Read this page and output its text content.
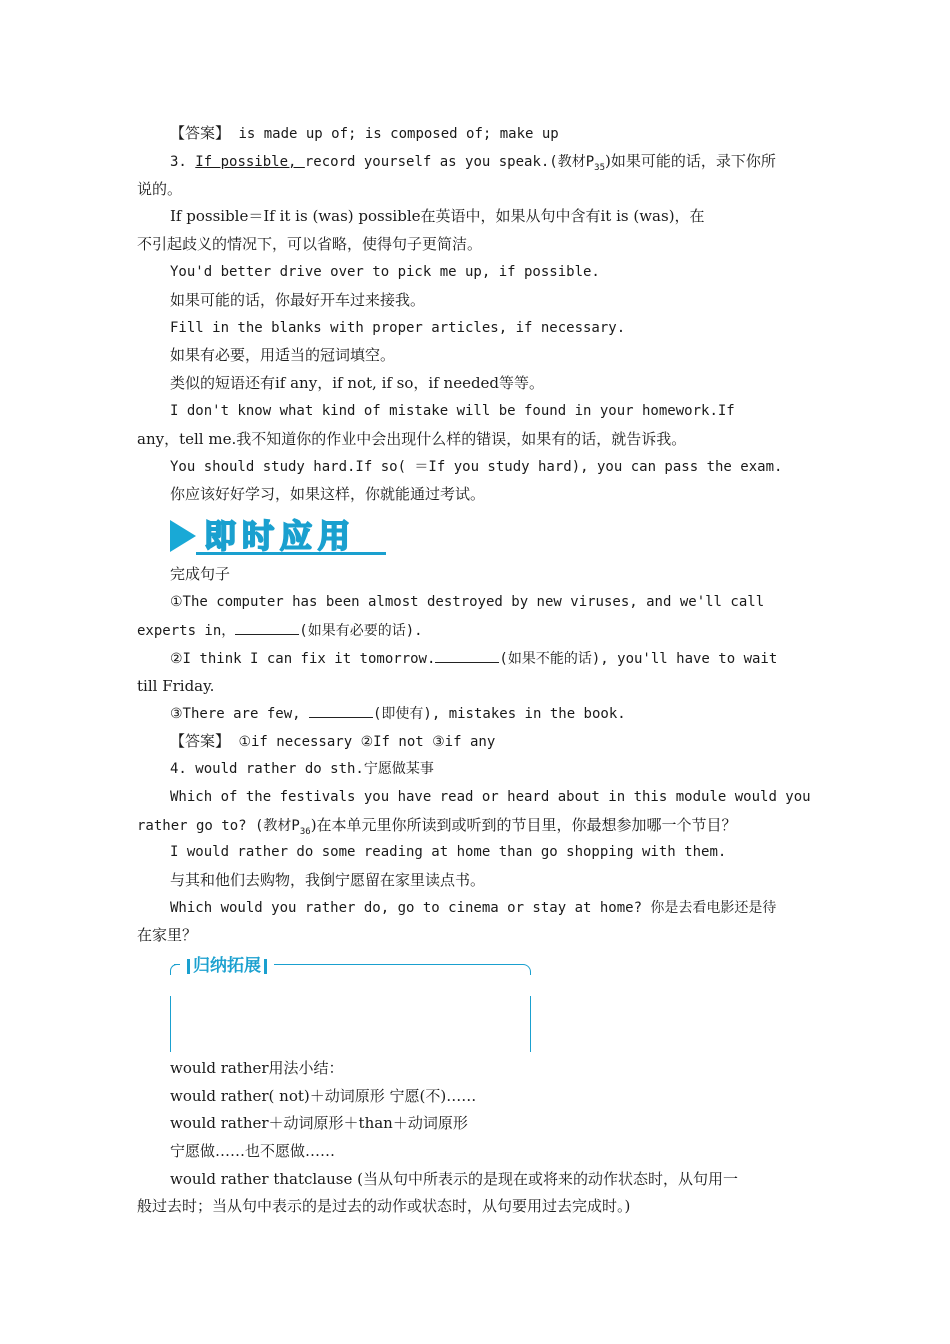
【答案】 is made up of; is composed of; make up
3. If possible, record yourself as you speak.(教材$P_{35}$)如果可能的话，录下你所
说的。
If possible＝If it is (was) possible在英语中，如果从句中含有it is (was)，在
不引起歧义的情况下，可以省略，使得句子更简洁。
You'd better drive over to pick me up, if possible.
如果可能的话，你最好开车过来接我。
Fill in the blanks with proper articles, if necessary.
如果有必要，用适当的冠词填空。
类似的短语还有if any，if not, if so，if needed等等。
I don't know what kind of mistake will be found in your homework.If
any，tell me.我不知道你的作业中会出现什么样的错误，如果有的话，就告诉我。
You should study hard.If so( ＝If you study hard), you can pass the exam.
你应该好好学习，如果这样，你就能通过考试。
即时应用
完成句子
①The computer has been almost destroyed by new viruses, and we'll call
experts in，	(如果有必要的话).
②I think I can fix it tomorrow.	(如果不能的话), you'll have to wait
till Friday.
③There are few,	(即使有), mistakes in the book.
【答案】 ①if necessary ②If not ③if any
4. would rather do sth.宁愿做某事
Which of the festivals you have read or heard about in this module would you
rather go to? (教材$P_{36}$)在本单元里你所读到或听到的节目里，你最想参加哪一个节目？
I would rather do some reading at home than go shopping with them.
与其和他们去购物，我倒宁愿留在家里读点书。
Which would you rather do, go to cinema or stay at home? 你是去看电影还是待
在家里？
归纳拓展
would rather用法小结：
would rather( not)＋动词原形 宁愿(不)……
would rather＋动词原形＋than＋动词原形
宁愿做……也不愿做……
would rather thatclause (当从句中所表示的是现在或将来的动作状态时，从句用一
般过去时；当从句中表示的是过去的动作或状态时，从句要用过去完成时。)
